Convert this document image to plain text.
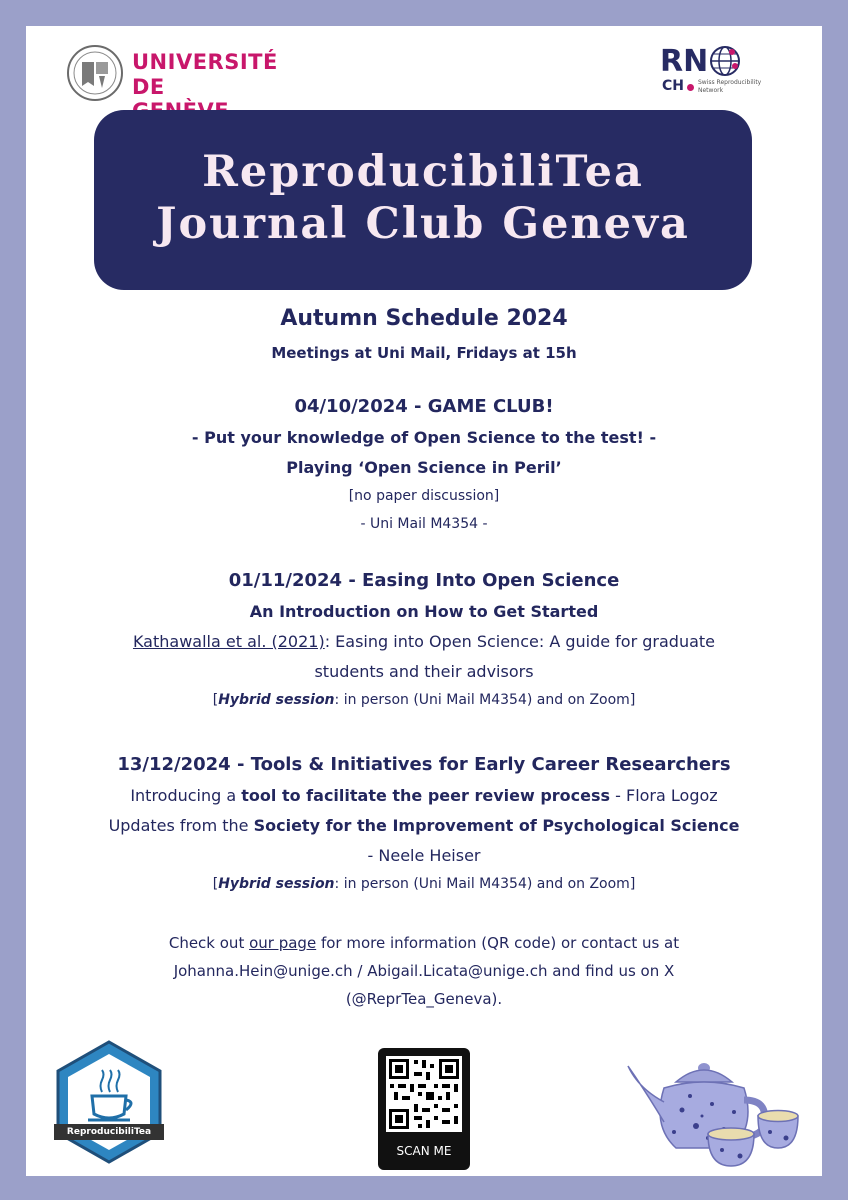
UNIVERSITÉ
DE
RN
CH Swiss Reproducibility
Network
ReproducibiliTea
Journal Club Geneva
Autumn Schedule 2024
Meetings at Uni Mail, Fridays at 15h
04/10/2024 - GAME CLUB!
- Put your knowledge of Open Science to the test! -
Playing ‘Open Science in Peril’
[no paper discussion]
- Uni Mail M4354 -
01/11/2024 - Easing Into Open Science
An Introduction on How to Get Started
Kathawalla et al. (2021): Easing into Open Science: A guide for graduate
students and their advisors
[Hybrid session: in person (Uni Mail M4354) and on Zoom]
13/12/2024 - Tools & Initiatives for Early Career Researchers
Introducing a tool to facilitate the peer review process - Flora Logoz
Updates from the Society for the Improvement of Psychological Science
- Neele Heiser
[Hybrid session: in person (Uni Mail M4354) and on Zoom]
Check out our page for more information (QR code) or contact us at
Johanna.Hein@unige.ch / Abigail.Licata@unige.ch and find us on X
(@ReprTea_Geneva).
ReproducibiliTea
SCAN ME
